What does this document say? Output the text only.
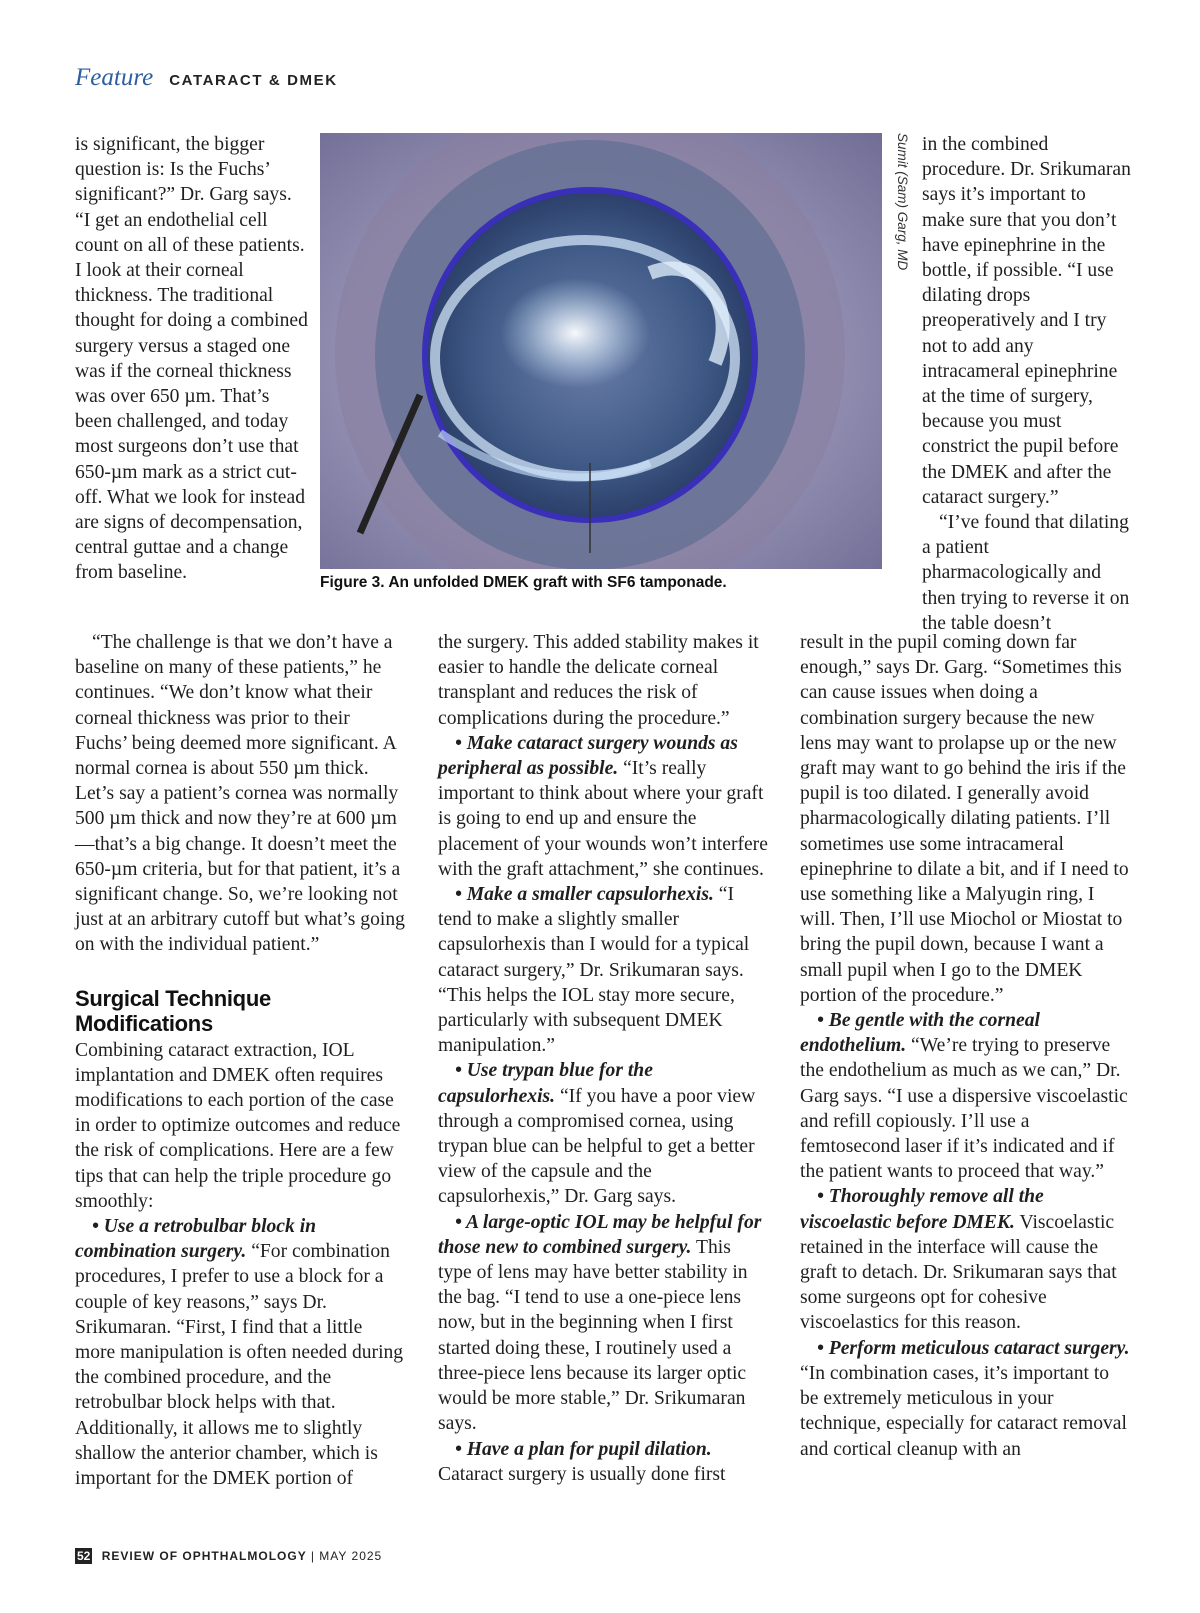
Feature CATARACT & DMEK

is significant, the bigger question is: Is the Fuchs’ significant?” Dr. Garg says. “I get an endothelial cell count on all of these patients. I look at their corneal thickness. The traditional thought for doing a combined surgery versus a staged one was if the corneal thickness was over 650 µm. That’s been challenged, and today most surgeons don’t use that 650-µm mark as a strict cut-off. What we look for instead are signs of decompensation, central guttae and a change from baseline.

Sumit (Sam) Garg, MD
Figure 3. An unfolded DMEK graft with SF6 tamponade.

“The challenge is that we don’t have a baseline on many of these patients,” he continues. “We don’t know what their corneal thickness was prior to their Fuchs’ being deemed more significant. A normal cornea is about 550 µm thick. Let’s say a patient’s cornea was normally 500 µm thick and now they’re at 600 µm—that’s a big change. It doesn’t meet the 650-µm criteria, but for that patient, it’s a significant change. So, we’re looking not just at an arbitrary cutoff but what’s going on with the individual patient.”

Surgical Technique Modifications

Combining cataract extraction, IOL implantation and DMEK often requires modifications to each portion of the case in order to optimize outcomes and reduce the risk of complications. Here are a few tips that can help the triple procedure go smoothly:

• Use a retrobulbar block in combination surgery. “For combination procedures, I prefer to use a block for a couple of key reasons,” says Dr. Srikumaran. “First, I find that a little more manipulation is often needed during the combined procedure, and the retrobulbar block helps with that. Additionally, it allows me to slightly shallow the anterior chamber, which is important for the DMEK portion of

the surgery. This added stability makes it easier to handle the delicate corneal transplant and reduces the risk of complications during the procedure.”

• Make cataract surgery wounds as peripheral as possible. “It’s really important to think about where your graft is going to end up and ensure the placement of your wounds won’t interfere with the graft attachment,” she continues.

• Make a smaller capsulorhexis. “I tend to make a slightly smaller capsulorhexis than I would for a typical cataract surgery,” Dr. Srikumaran says. “This helps the IOL stay more secure, particularly with subsequent DMEK manipulation.”

• Use trypan blue for the capsulorhexis. “If you have a poor view through a compromised cornea, using trypan blue can be helpful to get a better view of the capsule and the capsulorhexis,” Dr. Garg says.

• A large-optic IOL may be helpful for those new to combined surgery. This type of lens may have better stability in the bag. “I tend to use a one-piece lens now, but in the beginning when I first started doing these, I routinely used a three-piece lens because its larger optic would be more stable,” Dr. Srikumaran says.

• Have a plan for pupil dilation. Cataract surgery is usually done first

in the combined procedure. Dr. Srikumaran says it’s important to make sure that you don’t have epinephrine in the bottle, if possible. “I use dilating drops preoperatively and I try not to add any intracameral epinephrine at the time of surgery, because you must constrict the pupil before the DMEK and after the cataract surgery.”

“I’ve found that dilating a patient pharmacologically and then trying to reverse it on the table doesn’t

result in the pupil coming down far enough,” says Dr. Garg. “Sometimes this can cause issues when doing a combination surgery because the new lens may want to prolapse up or the new graft may want to go behind the iris if the pupil is too dilated. I generally avoid pharmacologically dilating patients. I’ll sometimes use some intracameral epinephrine to dilate a bit, and if I need to use something like a Malyugin ring, I will. Then, I’ll use Miochol or Miostat to bring the pupil down, because I want a small pupil when I go to the DMEK portion of the procedure.”

• Be gentle with the corneal endothelium. “We’re trying to preserve the endothelium as much as we can,” Dr. Garg says. “I use a dispersive viscoelastic and refill copiously. I’ll use a femtosecond laser if it’s indicated and if the patient wants to proceed that way.”

• Thoroughly remove all the viscoelastic before DMEK. Viscoelastic retained in the interface will cause the graft to detach. Dr. Srikumaran says that some surgeons opt for cohesive viscoelastics for this reason.

• Perform meticulous cataract surgery. “In combination cases, it’s important to be extremely meticulous in your technique, especially for cataract removal and cortical cleanup with an

52 REVIEW OF OPHTHALMOLOGY | MAY 2025
